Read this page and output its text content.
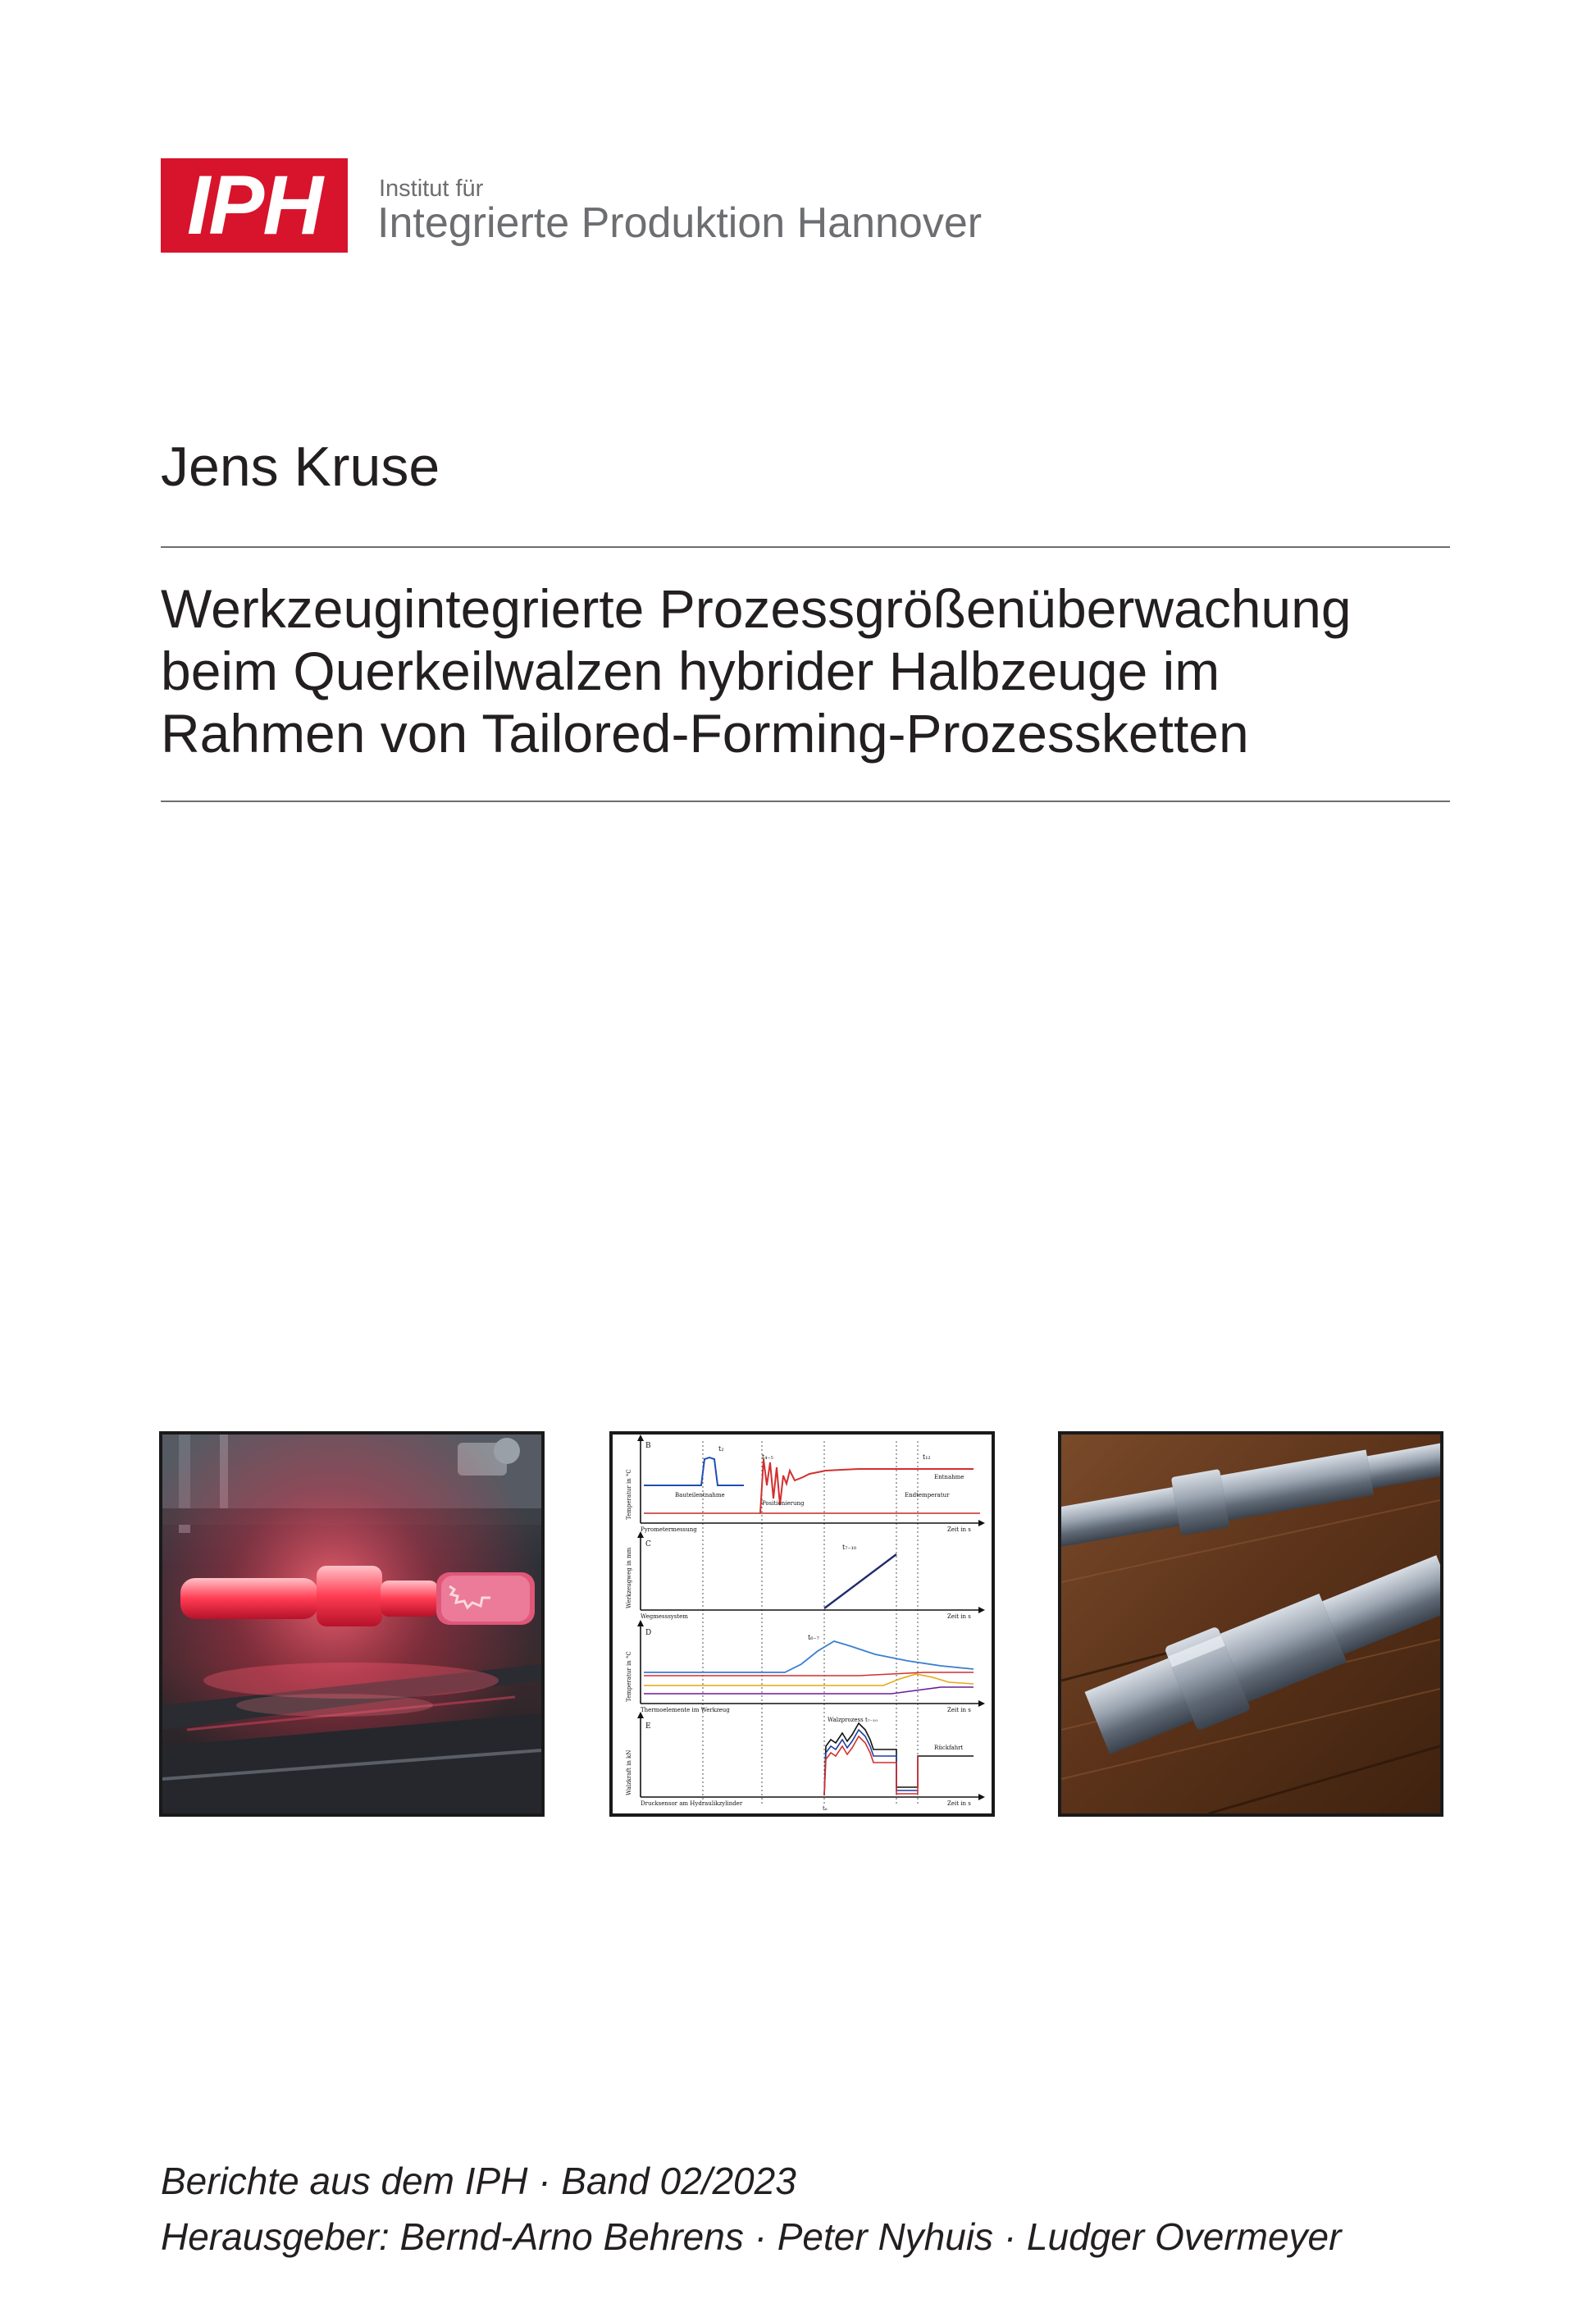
IPH	Institut für
Integrierte Produktion Hannover
Jens Kruse
Werkzeugintegrierte Prozessgrößenüberwachung
beim Querkeilwalzen hybrider Halbzeuge im
Rahmen von Tailored-Forming-Prozessketten
B	t₂
t₄₋₅	t₁₂
Bauteilentnahme
Positionierung
Endtemperatur
Entnahme
Pyrometermessung	Zeit in s
Temperatur in °C
C	t₇₋₁₀
Wegmesssystem	Zeit in s
Werkzeugweg in mm
D
t₆₋₇
Thermoelemente im Werkzeug	Zeit in s
Temperatur in °C
E
Walzprozess t₇₋₁₀
Rückfahrt
t₆
Drucksensor am Hydraulikzylinder	Zeit in s
Walzkraft in kN
Berichte aus dem IPH · Band 02/2023
Herausgeber: Bernd-Arno Behrens · Peter Nyhuis · Ludger Overmeyer
